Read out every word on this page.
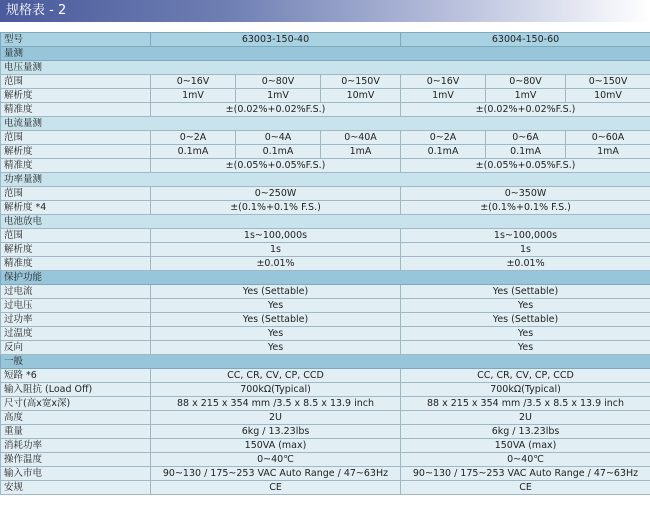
规格表 - 2
型号	63003-150-40			63004-150-60		
量测						
电压量测						
范围	0~16V	0~80V	0~150V	0~16V	0~80V	0~150V
解析度	1mV	1mV	10mV	1mV	1mV	10mV
精准度	±(0.02%+0.02%F.S.)			±(0.02%+0.02%F.S.)		
电流量测						
范围	0~2A	0~4A	0~40A	0~2A	0~6A	0~60A
解析度	0.1mA	0.1mA	1mA	0.1mA	0.1mA	1mA
精准度	±(0.05%+0.05%F.S.)			±(0.05%+0.05%F.S.)		
功率量测						
范围	0~250W			0~350W		
解析度 *4	±(0.1%+0.1% F.S.)			±(0.1%+0.1% F.S.)		
电池放电						
范围	1s~100,000s			1s~100,000s		
解析度	1s			1s		
精准度	±0.01%			±0.01%		
保护功能						
过电流	Yes (Settable)			Yes (Settable)		
过电压	Yes			Yes		
过功率	Yes (Settable)			Yes (Settable)		
过温度	Yes			Yes		
反向	Yes			Yes		
一般						
短路 *6	CC, CR, CV, CP, CCD			CC, CR, CV, CP, CCD		
输入阻抗 (Load Off)	700kΩ(Typical)			700kΩ(Typical)		
尺寸(高x宽x深)	88 x 215 x 354 mm /3.5 x 8.5 x 13.9 inch			88 x 215 x 354 mm /3.5 x 8.5 x 13.9 inch		
高度	2U			2U		
重量	6kg / 13.23lbs			6kg / 13.23lbs		
消耗功率	150VA (max)			150VA (max)		
操作温度	0~40℃			0~40℃		
输入市电	90~130 / 175~253 VAC Auto Range / 47~63Hz			90~130 / 175~253 VAC Auto Range / 47~63Hz		
安规	CE			CE		
